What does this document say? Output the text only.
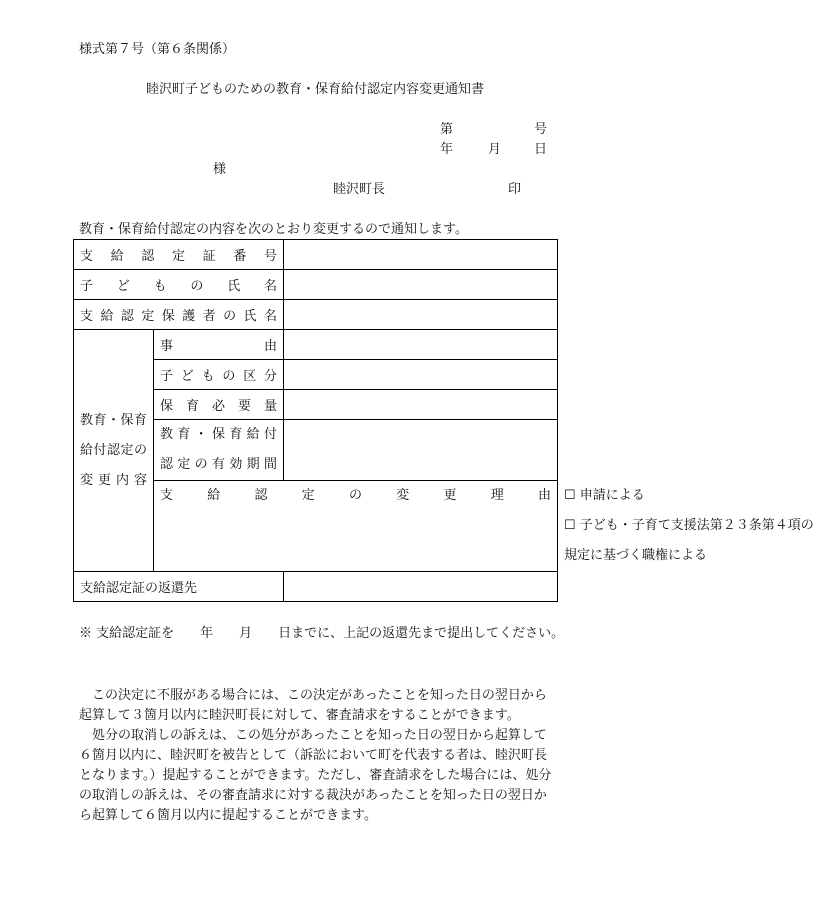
様式第７号（第６条関係）
睦沢町子どものための教育・保育給付認定内容変更通知書
第	号
年	月	日
様
睦沢町長	印
教育・保育給付認定の内容を次のとおり変更するので通知します。
支給認定証番号			
子どもの氏名			
支給認定保護者の氏名			

教育・保育
給付認定の
変更内容	事由		
	子どもの区分		
	保育必要量		

	教育・保育給付
認定の有効期間		

	支給認定の変更理由		☐ 申請による
☐ 子ども・子育て支援法第２３条第４項の
規定に基づく職権による

支給認定証の返還先			
※ 支給認定証を　　年　　月　　日までに、上記の返還先まで提出してください。

　この決定に不服がある場合には、この決定があったことを知った日の翌日から起算して３箇月以内に睦沢町長に対して、審査請求をすることができます。

　処分の取消しの訴えは、この処分があったことを知った日の翌日から起算して６箇月以内に、睦沢町を被告として（訴訟において町を代表する者は、睦沢町長となります。）提起することができます。ただし、審査請求をした場合には、処分の取消しの訴えは、その審査請求に対する裁決があったことを知った日の翌日から起算して６箇月以内に提起することができます。
